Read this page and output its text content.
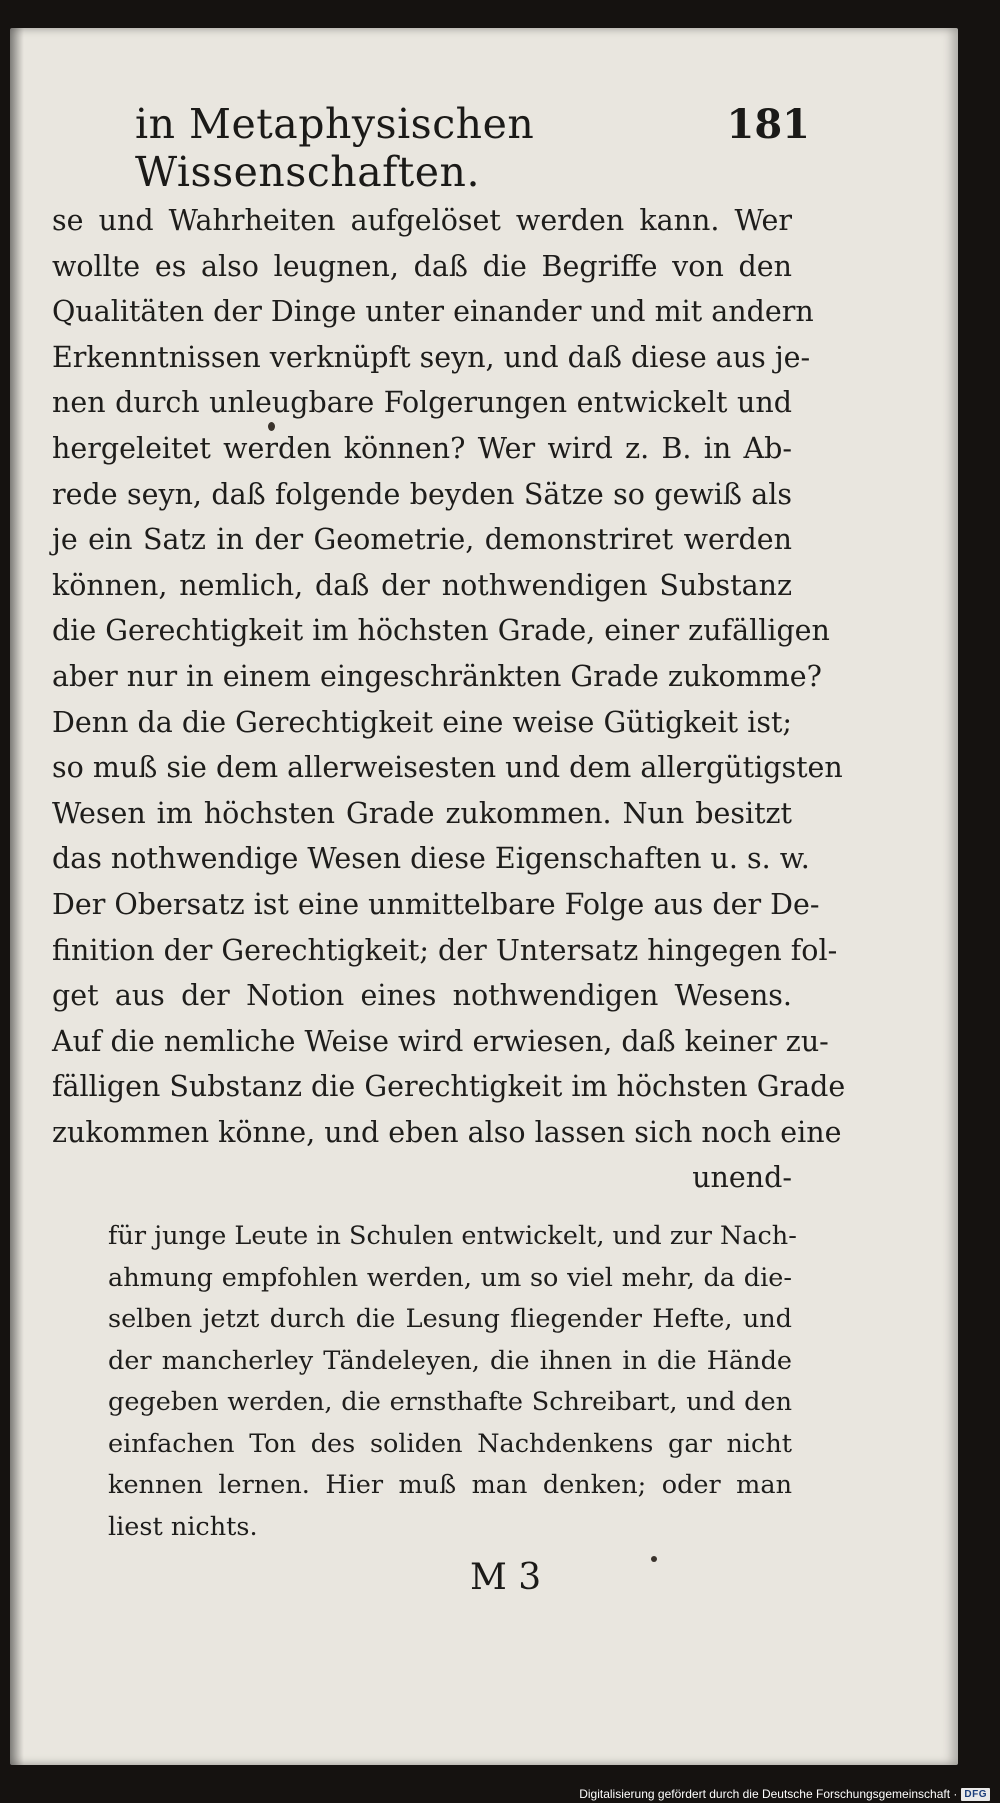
in Metaphysischen Wissenschaften.
181
se und Wahrheiten aufgelöset werden kann. Wer
wollte es also leugnen, daß die Begriffe von den
Qualitäten der Dinge unter einander und mit andern
Erkenntnissen verknüpft seyn, und daß diese aus je-
nen durch unleugbare Folgerungen entwickelt und
hergeleitet werden können? Wer wird z. B. in Ab-
rede seyn, daß folgende beyden Sätze so gewiß als
je ein Satz in der Geometrie, demonstriret werden
können, nemlich, daß der nothwendigen Substanz
die Gerechtigkeit im höchsten Grade, einer zufälligen
aber nur in einem eingeschränkten Grade zukomme?
Denn da die Gerechtigkeit eine weise Gütigkeit ist;
so muß sie dem allerweisesten und dem allergütigsten
Wesen im höchsten Grade zukommen. Nun besitzt
das nothwendige Wesen diese Eigenschaften u. s. w.
Der Obersatz ist eine unmittelbare Folge aus der De-
finition der Gerechtigkeit; der Untersatz hingegen fol-
get aus der Notion eines nothwendigen Wesens.
Auf die nemliche Weise wird erwiesen, daß keiner zu-
fälligen Substanz die Gerechtigkeit im höchsten Grade
zukommen könne, und eben also lassen sich noch eine
unend-
für junge Leute in Schulen entwickelt, und zur Nach-
ahmung empfohlen werden, um so viel mehr, da die-
selben jetzt durch die Lesung fliegender Hefte, und
der mancherley Tändeleyen, die ihnen in die Hände
gegeben werden, die ernsthafte Schreibart, und den
einfachen Ton des soliden Nachdenkens gar nicht
kennen lernen. Hier muß man denken; oder man
liest nichts.
M 3
Digitalisierung gefördert durch die Deutsche Forschungsgemeinschaft · DFG
